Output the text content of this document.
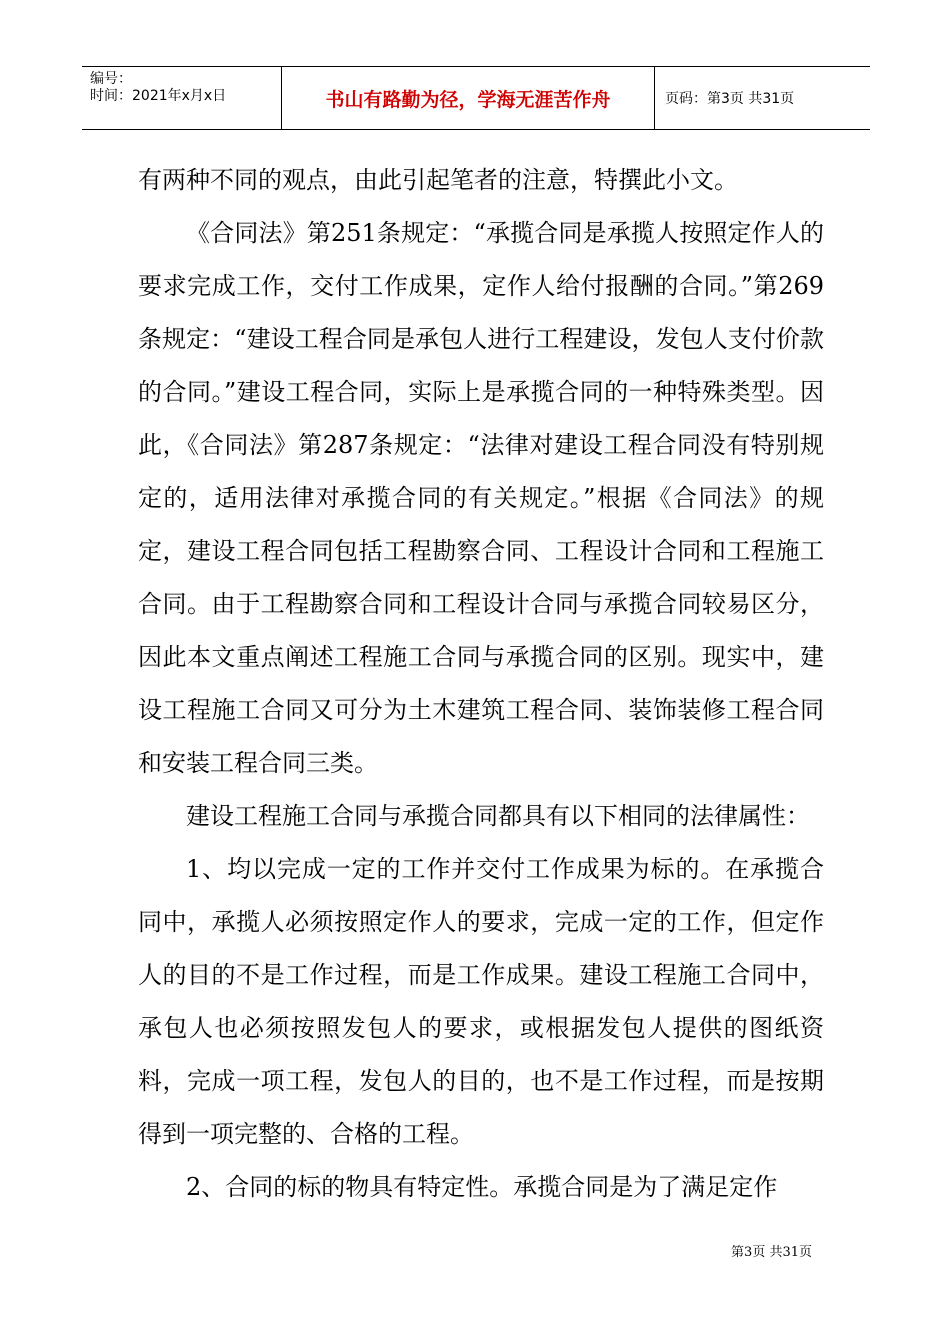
编号：
时间：2021年x月x日	书山有路勤为径，学海无涯苦作舟	页码：第3页 共31页

有两种不同的观点，由此引起笔者的注意，特撰此小文。

《合同法》第251条规定：“承揽合同是承揽人按照定作人的要求完成工作，交付工作成果，定作人给付报酬的合同。”第269条规定：“建设工程合同是承包人进行工程建设，发包人支付价款的合同。”建设工程合同，实际上是承揽合同的一种特殊类型。因此，《合同法》第287条规定：“法律对建设工程合同没有特别规定的，适用法律对承揽合同的有关规定。”根据《合同法》的规定，建设工程合同包括工程勘察合同、工程设计合同和工程施工合同。由于工程勘察合同和工程设计合同与承揽合同较易区分，因此本文重点阐述工程施工合同与承揽合同的区别。现实中，建设工程施工合同又可分为土木建筑工程合同、装饰装修工程合同和安装工程合同三类。

建设工程施工合同与承揽合同都具有以下相同的法律属性：

1、均以完成一定的工作并交付工作成果为标的。在承揽合同中，承揽人必须按照定作人的要求，完成一定的工作，但定作人的目的不是工作过程，而是工作成果。建设工程施工合同中，承包人也必须按照发包人的要求，或根据发包人提供的图纸资料，完成一项工程，发包人的目的，也不是工作过程，而是按期得到一项完整的、合格的工程。

2、合同的标的物具有特定性。承揽合同是为了满足定作

第3页 共31页
